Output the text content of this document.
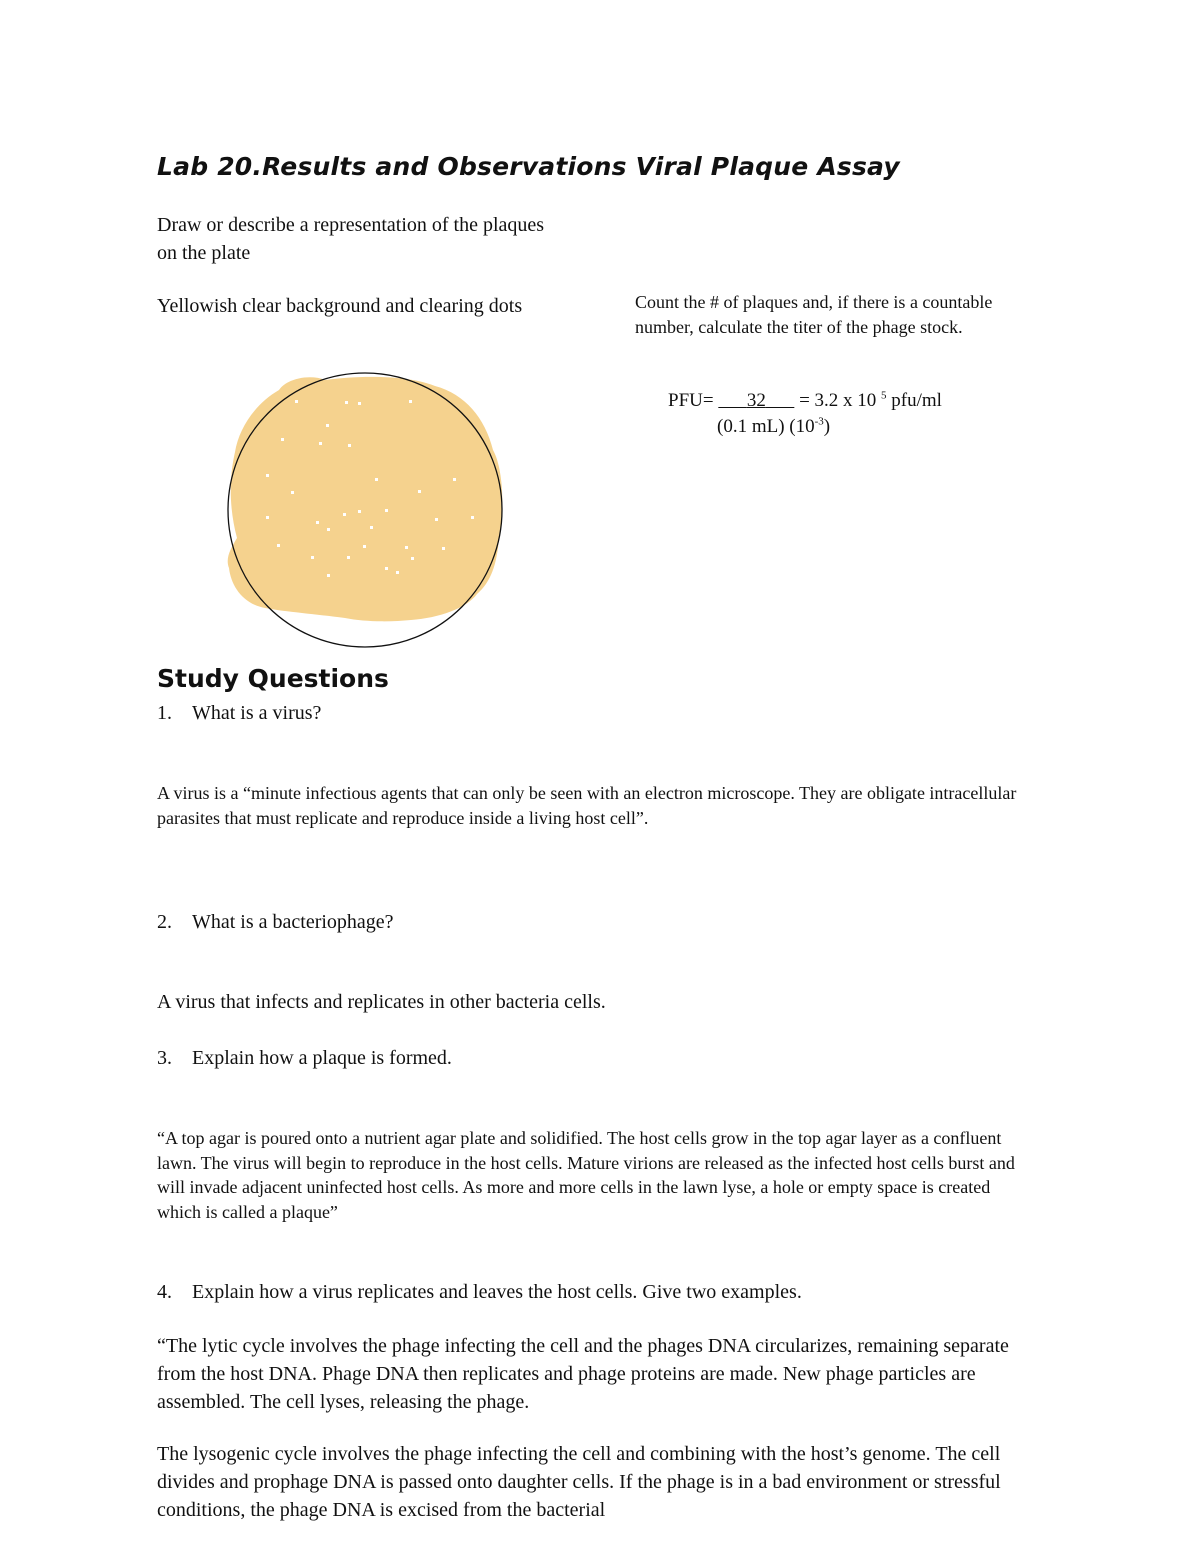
Lab 20.Results and Observations Viral Plaque Assay
Draw or describe a representation of the plaques on the plate
Yellowish clear background and clearing dots	Count the # of plaques and, if there is a countable number, calculate the titer of the phage stock.
PFU= 32 = 3.2 x 10 $^5$ pfu/ml
(0.1 mL) $(10^{-3})$
Study Questions
1.	What is a virus?
A virus is a “minute infectious agents that can only be seen with an electron microscope. They are obligate intracellular parasites that must replicate and reproduce inside a living host cell”.
2.	What is a bacteriophage?
A virus that infects and replicates in other bacteria cells.
3.	Explain how a plaque is formed.
“A top agar is poured onto a nutrient agar plate and solidified. The host cells grow in the top agar layer as a confluent lawn. The virus will begin to reproduce in the host cells. Mature virions are released as the infected host cells burst and will invade adjacent uninfected host cells. As more and more cells in the lawn lyse, a hole or empty space is created which is called a plaque”
4.	Explain how a virus replicates and leaves the host cells. Give two examples.
“The lytic cycle involves the phage infecting the cell and the phages DNA circularizes, remaining separate from the host DNA. Phage DNA then replicates and phage proteins are made. New phage particles are assembled. The cell lyses, releasing the phage.
The lysogenic cycle involves the phage infecting the cell and combining with the host’s genome. The cell divides and prophage DNA is passed onto daughter cells. If the phage is in a bad environment or stressful conditions, the phage DNA is excised from the bacterial
